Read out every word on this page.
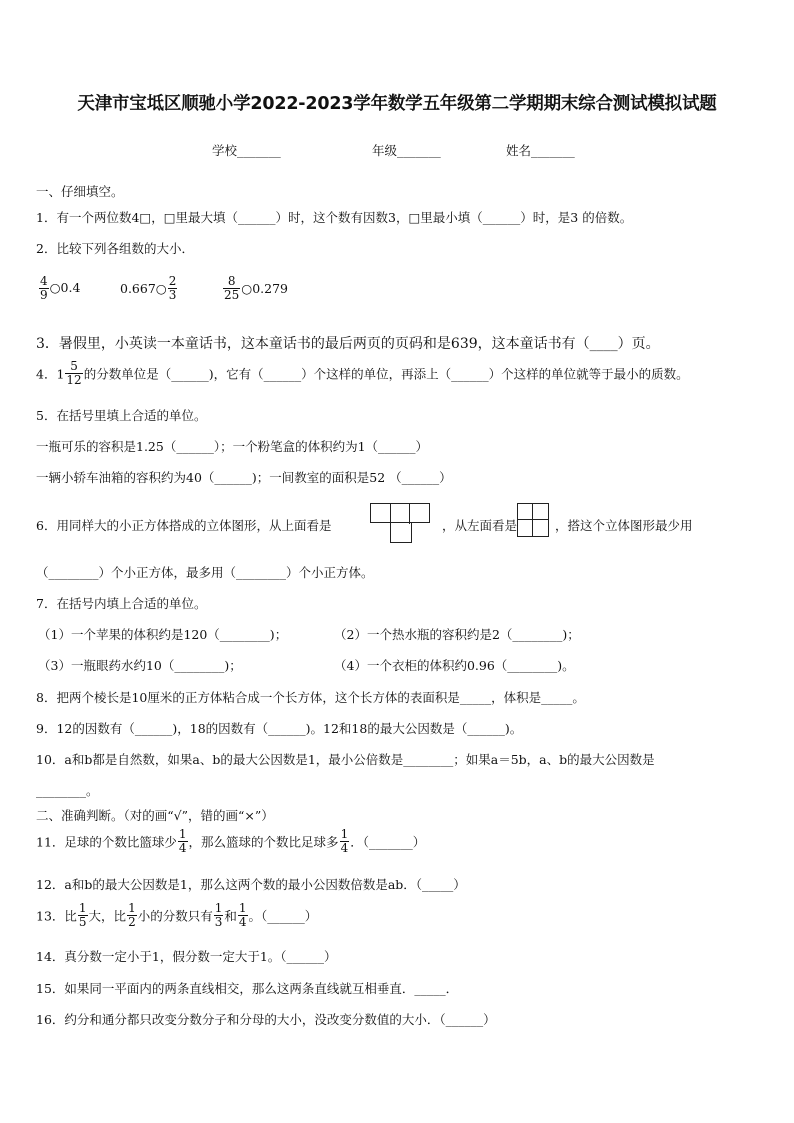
天津市宝坻区顺驰小学2022-2023学年数学五年级第二学期期末综合测试模拟试题
学校_______	年级_______	姓名_______
一、仔细填空。
1．有一个两位数4□，□里最大填（______）时，这个数有因数3，□里最小填（______）时，是3 的倍数。
2．比较下列各组数的大小．
$\frac{4}{9}$ ○0.4	0.667○ $\frac{2}{3}$	$\frac{8}{25}$ ○0.279
3．暑假里，小英读一本童话书，这本童话书的最后两页的页码和是639，这本童话书有（____）页。
4．$1 \frac{5}{12}$ 的分数单位是（______)，它有（______）个这样的单位，再添上（______）个这样的单位就等于最小的质数。
5．在括号里填上合适的单位。
一瓶可乐的容积是1.25（______）；一个粉笔盒的体积约为1（______）
一辆小轿车油箱的容积约为40（______)；一间教室的面积是52 （______）
6．用同样大的小正方体搭成的立体图形，从上面看是	，从左面看是	，搭这个立体图形最少用
（________）个小正方体，最多用（________）个小正方体。
7．在括号内填上合适的单位。
（1）一个苹果的体积约是120（________)；	（2）一个热水瓶的容积约是2（________)；
（3）一瓶眼药水约10（________)；	（4）一个衣柜的体积约0.96（________)。
8．把两个棱长是10厘米的正方体粘合成一个长方体，这个长方体的表面积是_____，体积是_____。
9．12的因数有（______)，18的因数有（______)。12和18的最大公因数是（______)。
10．a和b都是自然数，如果a、b的最大公因数是1，最小公倍数是________；如果a＝5b，a、b的最大公因数是
________。
二、准确判断。（对的画“√”，错的画“×”）
11．足球的个数比篮球少 $\frac{1}{4}$ ，那么篮球的个数比足球多 $\frac{1}{4}$ ．（_______）
12．a和b的最大公因数是1，那么这两个数的最小公因数倍数是ab．（_____）
13．比 $\frac{1}{5}$ 大，比 $\frac{1}{2}$ 小的分数只有 $\frac{1}{3}$ 和 $\frac{1}{4}$ 。（______）
14．真分数一定小于1，假分数一定大于1。（______）
15．如果同一平面内的两条直线相交，那么这两条直线就互相垂直．_____．
16．约分和通分都只改变分数分子和分母的大小，没改变分数值的大小．（______）
